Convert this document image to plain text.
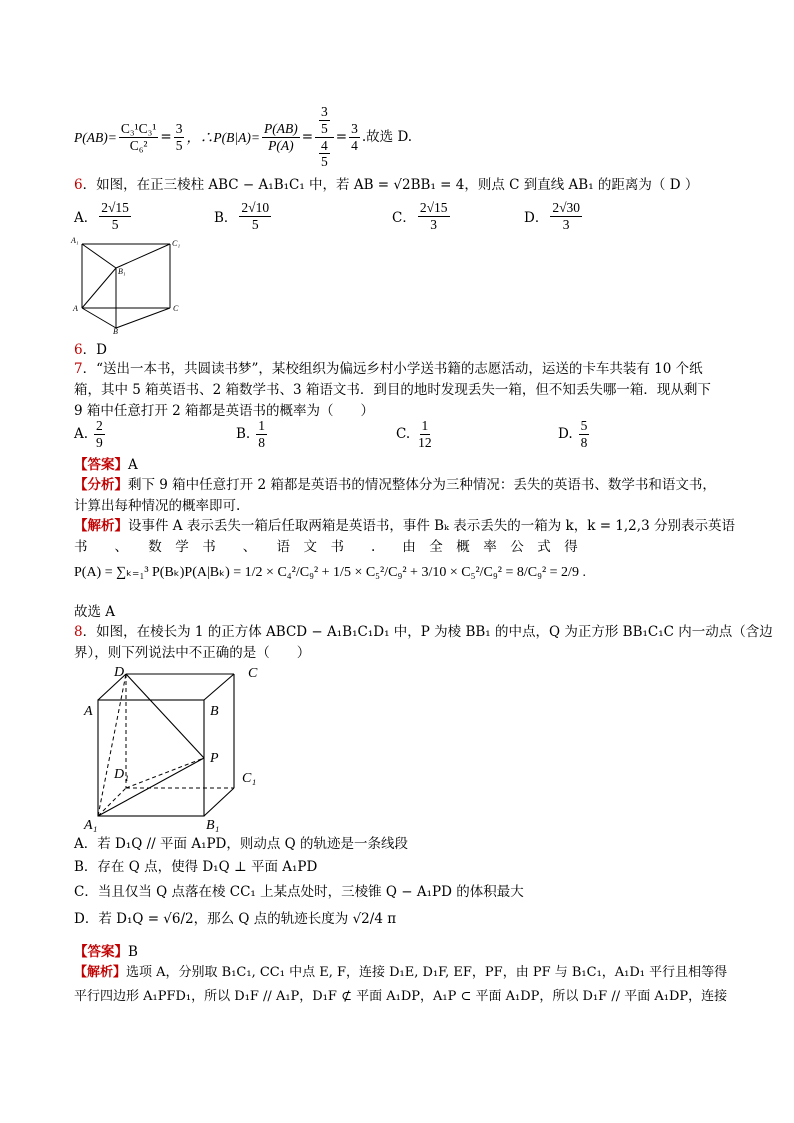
$P(AB)= \frac{\text{C₃¹C₃¹}}{\text{C₆²}} = \frac{3}{5}$ ，∴P(B|A)= $\frac{P(AB)}{P(A)} = \frac{\frac{3}{5}}{\frac{4}{5}} = \frac{3}{4}$ .故选 D.
6．如图，在正三棱柱 ABC − A₁B₁C₁ 中，若 AB = √2BB₁ = 4，则点 C 到直线 AB₁ 的距离为（ D ）
A． $\frac{2√15}{5}$	B． $\frac{2√10}{5}$	C． $\frac{2√15}{3}$	D． $\frac{2√30}{3}$
A₁	C₁
B₁
A	C
B
6．D
7．“送出一本书，共圆读书梦”，某校组织为偏远乡村小学送书籍的志愿活动，运送的卡车共装有 10 个纸
箱，其中 5 箱英语书、2 箱数学书、3 箱语文书．到目的地时发现丢失一箱，但不知丢失哪一箱．现从剩下
9 箱中任意打开 2 箱都是英语书的概率为（　　）
A. $\frac{2}{9}$	B. $\frac{1}{8}$	C. $\frac{1}{12}$	D. $\frac{5}{8}$
【答案】A
【分析】剩下 9 箱中任意打开 2 箱都是英语书的情况整体分为三种情况：丢失的英语书、数学书和语文书，
计算出每种情况的概率即可.
【解析】设事件 A 表示丢失一箱后任取两箱是英语书，事件 Bₖ 表示丢失的一箱为 k，k = 1,2,3 分别表示英语
书　　、　　数　学　书　　、　　语　文　书　　.　　由　全　概　率　公　式　得
P(A) = ∑ₖ₌₁³ P(Bₖ)P(A|Bₖ) = 1/2 × C₄²/C₉² + 1/5 × C₅²/C₉² + 3/10 × C₅²/C₉² = 8/C₉² = 2/9 .
故选 A
8．如图，在棱长为 1 的正方体 ABCD − A₁B₁C₁D₁ 中，P 为棱 BB₁ 的中点，Q 为正方形 BB₁C₁C 内一动点（含边
界），则下列说法中不正确的是（　　）
D	C
A	B
P
D₁	C₁
A₁	B₁
A．若 D₁Q // 平面 A₁PD，则动点 Q 的轨迹是一条线段
B．存在 Q 点，使得 D₁Q ⊥ 平面 A₁PD
C．当且仅当 Q 点落在棱 CC₁ 上某点处时，三棱锥 Q − A₁PD 的体积最大
D．若 D₁Q = √6/2，那么 Q 点的轨迹长度为 √2/4 π
【答案】B
【解析】选项 A，分别取 B₁C₁, CC₁ 中点 E, F，连接 D₁E, D₁F, EF，PF，由 PF 与 B₁C₁，A₁D₁ 平行且相等得
平行四边形 A₁PFD₁，所以 D₁F // A₁P，D₁F ⊄ 平面 A₁DP，A₁P ⊂ 平面 A₁DP，所以 D₁F // 平面 A₁DP，连接
